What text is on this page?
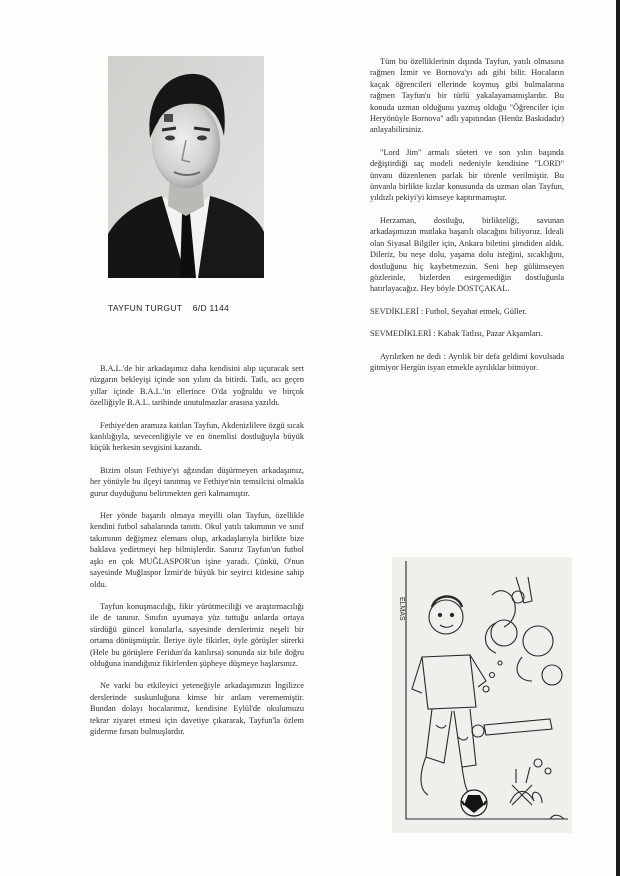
TAYFUN TURGUT 6/D 1144

B.A.L.'de bir arkadaşımız daha kendisini alıp uçuracak sert rüzgarın bekleyişi içinde son yılını da bitirdi. Tatlı, acı geçen yıllar içinde B.A.L.'in ellerince O'da yoğruldu ve birçok özelliğiyle B.A.L. tarihinde unutulmazlar arasına yazıldı.

Fethiye'den aramıza katılan Tayfun, Akdenizlilere özgü sıcak kanlılığıyla, sevecenliğiyle ve en önemlisi dostluğuyla büyük küçük herkesin sevgisini kazandı.

Bizim olsun Fethiye'yi ağzından düşürmeyen arkadaşımız, her yönüyle bu ilçeyi tanıtmış ve Fethiye'nin temsilcisi olmakla gurur duyduğunu belirtmekten geri kalmamıştır.

Her yönde başarılı olmaya meyilli olan Tayfun, özellikle kendini futbol sahalarında tanıttı. Okul yatılı takımının ve sınıf takımının değişmez elemanı olup, arkadaşlarıyla birlikte bize baklava yedirtmeyi hep bilmişlerdir. Sanırız Tayfun'un futbol aşkı en çok MUĞLASPOR'un işine yaradı. Çünkü, O'nun sayesinde Muğlaspor İzmir'de büyük bir seyirci kitlesine sahip oldu.

Tayfun konuşmacılığı, fikir yürütmeciliği ve araştırmacılığı ile de tanınır. Sınıfın uyumaya yüz tuttuğu anlarda ortaya sürdüğü güncel konularla, sayesinde derslerimiz neşeli bir ortama dönüşmüştür. İleriye öyle fikirler, öyle görüşler sürerki (Hele bu görüşlere Feridun'da katılırsa) sonunda siz bile doğru olduğuna inandığınız fikirlerden şüpheye düşmeye başlarsınız.

Ne varki bu etkileyici yeteneğiyle arkadaşımızın İngilizce derslerinde suskunluğuna kimse bir anlam verememiştir. Bundan dolayı hocalarımız, kendisine Eylül'de okulumuzu tekrar ziyaret etmesi için davetiye çıkararak, Tayfun'la özlem giderme fırsatı bulmuşlardır.

Tüm bu özelliklerinin dışında Tayfun, yatılı olmasına rağmen İzmir ve Bornova'yı adı gibi bilir. Hocaların kaçak öğrencileri ellerinde koymuş gibi bulmalarına rağmen Tayfun'u bir türlü yakalayamamışlardır. Bu konuda uzman olduğunu yazmış olduğu "Öğrenciler için Heryönüyle Bornova" adlı yapıtından (Henüz Baskıdadır) anlayabilirsiniz.

"Lord Jim" armalı süeteri ve son yılın başında değiştirdiği saç modeli nedeniyle kendisine "LORD" ünvanı düzenlenen parlak bir törenle verilmiştir. Bu ünvanla birlikte kızlar konusunda da uzman olan Tayfun, yıldızlı pekiyi'yi kimseye kaptırmamıştır.

Herzaman, dostluğu, birlikteliği, savunan arkadaşımızın mutlaka başarılı olacağını biliyoruz. İdeali olan Siyasal Bilgiler için, Ankara biletini şimdiden aldık. Dileriz, bu neşe dolu, yaşama dolu isteğini, sıcaklığını, dostluğunu hiç kaybetmezsin. Seni hep gülümseyen gözlerinle, bizlerden esirgemediğin dostluğunla hatırlayacağız. Hey böyle DOSTÇAKAL.

SEVDİKLERİ : Futbol, Seyahat etmek, Güller.

SEVMEDİKLERİ : Kabak Tatlısı, Pazar Akşamları.

Ayrılırken ne dedi : Ayrılık bir defa geldimi kovulsada gitmiyor Hergün isyan etmekle ayrılıklar bitmiyor.

ELMAS
